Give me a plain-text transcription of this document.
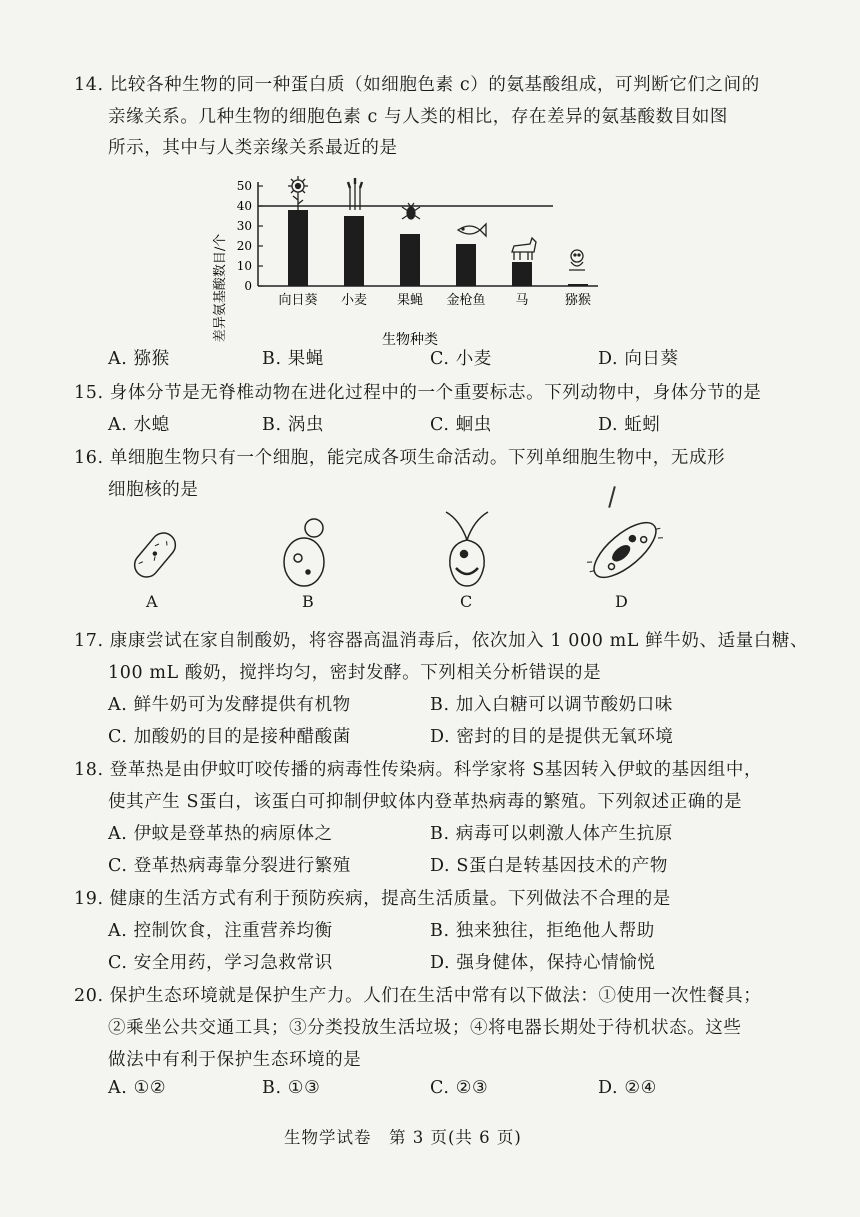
14. 比较各种生物的同一种蛋白质（如细胞色素 c）的氨基酸组成，可判断它们之间的
亲缘关系。几种生物的细胞色素 c 与人类的相比，存在差异的氨基酸数目如图
所示，其中与人类亲缘关系最近的是
差异氨基酸数目/个 0
10
20
30
40
50
向日葵 小麦 果蝇 金枪鱼 马	猕猴
生物种类
A. 猕猴	B. 果蝇	C. 小麦	D. 向日葵
15. 身体分节是无脊椎动物在进化过程中的一个重要标志。下列动物中，身体分节的是
A. 水螅	B. 涡虫	C. 蛔虫	D. 蚯蚓
16. 单细胞生物只有一个细胞，能完成各项生命活动。下列单细胞生物中，无成形
细胞核的是
A	B	C	D
17. 康康尝试在家自制酸奶，将容器高温消毒后，依次加入 1 000 mL 鲜牛奶、适量白糖、
100 mL 酸奶，搅拌均匀，密封发酵。下列相关分析错误的是
A. 鲜牛奶可为发酵提供有机物	B. 加入白糖可以调节酸奶口味
C. 加酸奶的目的是接种醋酸菌	D. 密封的目的是提供无氧环境
18. 登革热是由伊蚊叮咬传播的病毒性传染病。科学家将 S基因转入伊蚊的基因组中，
使其产生 S蛋白，该蛋白可抑制伊蚊体内登革热病毒的繁殖。下列叙述正确的是
A. 伊蚊是登革热的病原体之	B. 病毒可以刺激人体产生抗原
C. 登革热病毒靠分裂进行繁殖	D. S蛋白是转基因技术的产物
19. 健康的生活方式有利于预防疾病，提高生活质量。下列做法不合理的是
A. 控制饮食，注重营养均衡	B. 独来独往，拒绝他人帮助
C. 安全用药，学习急救常识	D. 强身健体，保持心情愉悦
20. 保护生态环境就是保护生产力。人们在生活中常有以下做法：①使用一次性餐具；
②乘坐公共交通工具；③分类投放生活垃圾；④将电器长期处于待机状态。这些
做法中有利于保护生态环境的是
A. ①②	B. ①③	C. ②③	D. ②④
生物学试卷　第 3 页(共 6 页)
